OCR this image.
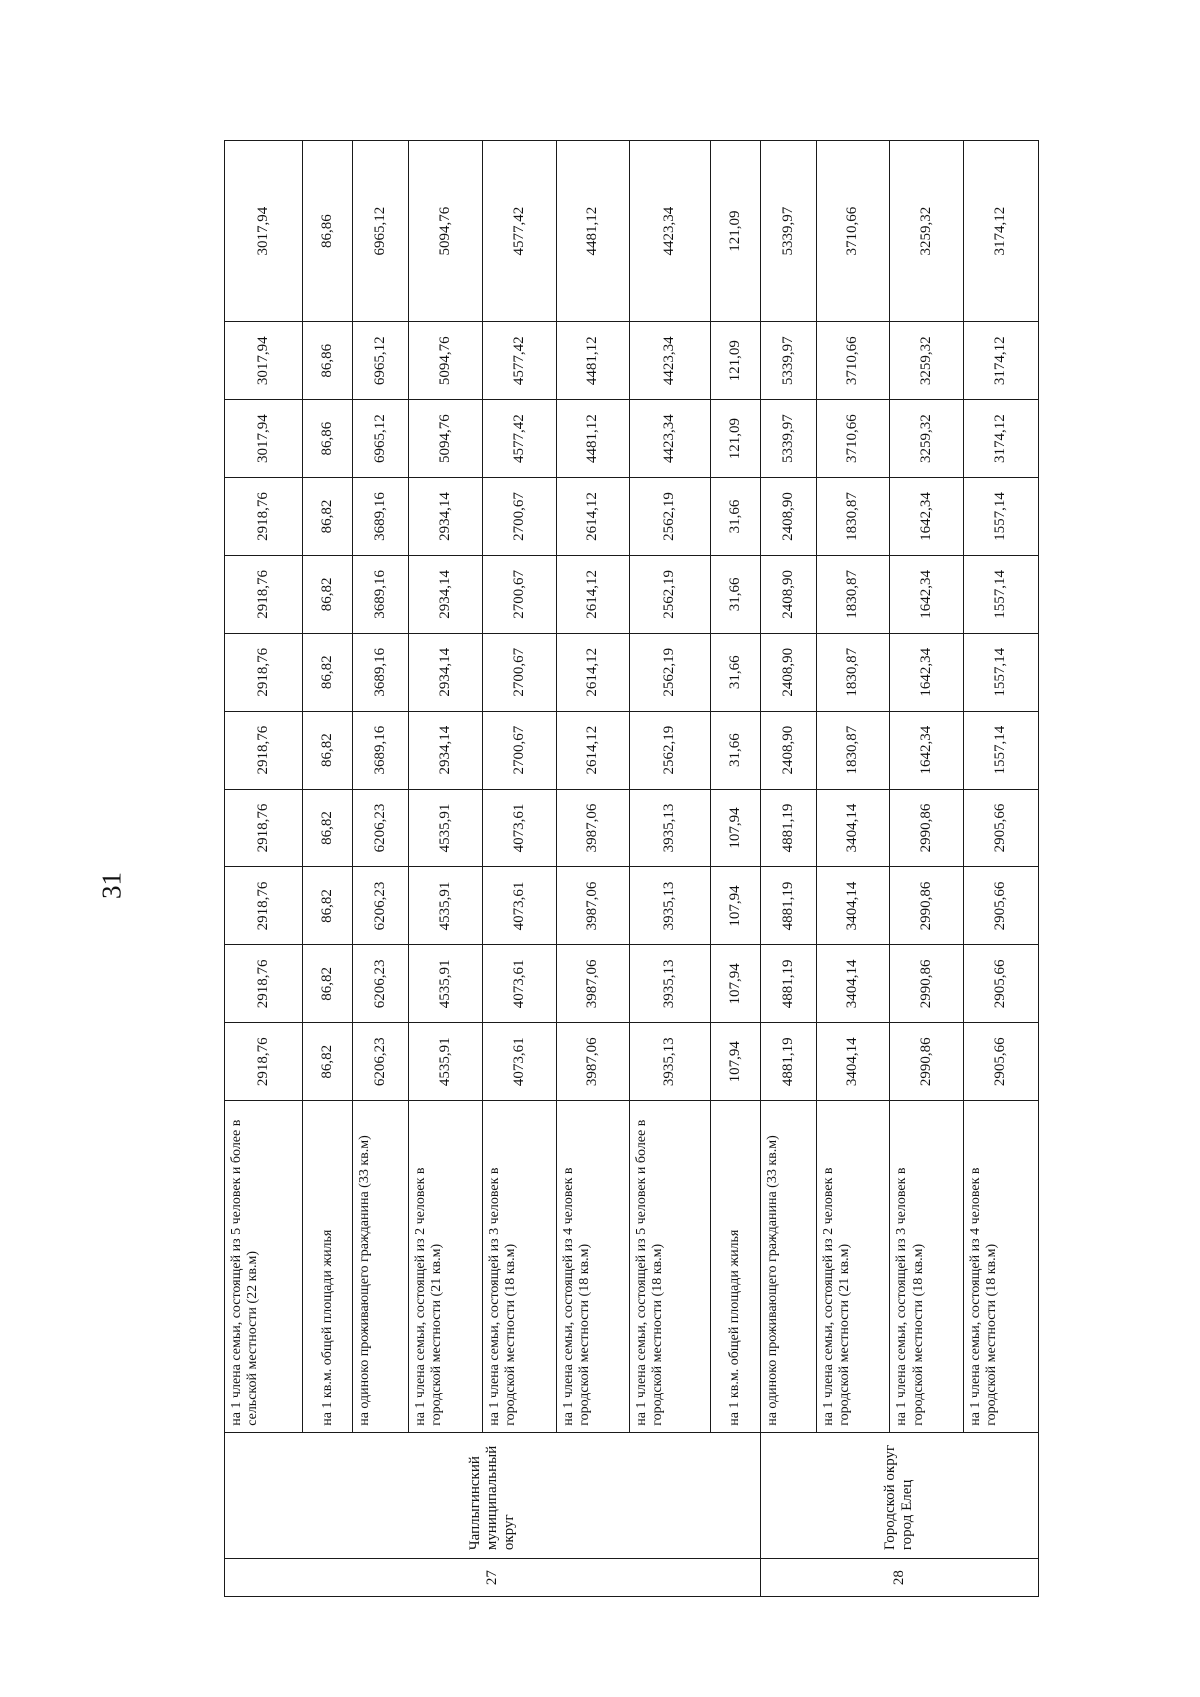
31
27	Чаплыгинский муниципальный округ	на 1 члена семьи, состоящей из 5 человек и более в сельской местности (22 кв.м)	2918,76	2918,76	2918,76	2918,76	2918,76	2918,76	2918,76	2918,76	3017,94	3017,94	3017,94
		на 1 кв.м. общей площади жилья	86,82	86,82	86,82	86,82	86,82	86,82	86,82	86,82	86,86	86,86	86,86
		на одиноко проживающего гражданина (33 кв.м)	6206,23	6206,23	6206,23	6206,23	3689,16	3689,16	3689,16	3689,16	6965,12	6965,12	6965,12
		на 1 члена семьи, состоящей из 2 человек в городской местности (21 кв.м)	4535,91	4535,91	4535,91	4535,91	2934,14	2934,14	2934,14	2934,14	5094,76	5094,76	5094,76
		на 1 члена семьи, состоящей из 3 человек в городской местности (18 кв.м)	4073,61	4073,61	4073,61	4073,61	2700,67	2700,67	2700,67	2700,67	4577,42	4577,42	4577,42
		на 1 члена семьи, состоящей из 4 человек в городской местности (18 кв.м)	3987,06	3987,06	3987,06	3987,06	2614,12	2614,12	2614,12	2614,12	4481,12	4481,12	4481,12
		на 1 члена семьи, состоящей из 5 человек и более в городской местности (18 кв.м)	3935,13	3935,13	3935,13	3935,13	2562,19	2562,19	2562,19	2562,19	4423,34	4423,34	4423,34
		на 1 кв.м. общей площади жилья	107,94	107,94	107,94	107,94	31,66	31,66	31,66	31,66	121,09	121,09	121,09
28	Городской округ город Елец	на одиноко проживающего гражданина (33 кв.м)	4881,19	4881,19	4881,19	4881,19	2408,90	2408,90	2408,90	2408,90	5339,97	5339,97	5339,97
		на 1 члена семьи, состоящей из 2 человек в городской местности (21 кв.м)	3404,14	3404,14	3404,14	3404,14	1830,87	1830,87	1830,87	1830,87	3710,66	3710,66	3710,66
		на 1 члена семьи, состоящей из 3 человек в городской местности (18 кв.м)	2990,86	2990,86	2990,86	2990,86	1642,34	1642,34	1642,34	1642,34	3259,32	3259,32	3259,32
		на 1 члена семьи, состоящей из 4 человек в городской местности (18 кв.м)	2905,66	2905,66	2905,66	2905,66	1557,14	1557,14	1557,14	1557,14	3174,12	3174,12	3174,12
